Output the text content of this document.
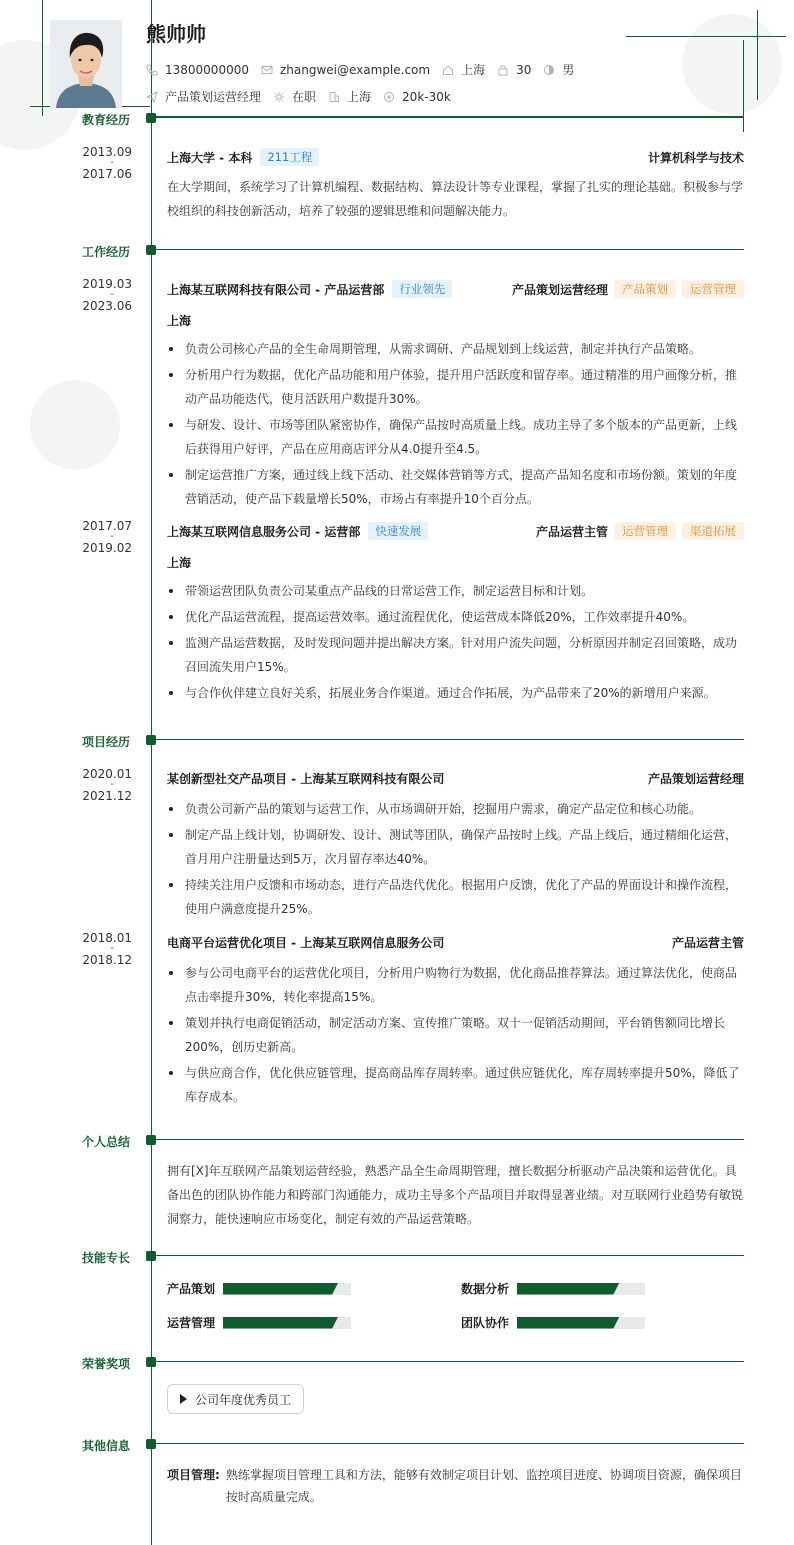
熊帅帅
13800000000	zhangwei@example.com	上海	30	男
产品策划运营经理	在职	上海	20k-30k
教育经历
2013.09
-
2017.06
上海大学 - 本科	211工程	计算机科学与技术
在大学期间，系统学习了计算机编程、数据结构、算法设计等专业课程，掌握了扎实的理论基础。积极参与学校组织的科技创新活动，培养了较强的逻辑思维和问题解决能力。
工作经历
2019.03
-
2023.06
上海某互联网科技有限公司 - 产品运营部	行业领先	产品策划运营经理	产品策划	运营管理
上海
负责公司核心产品的全生命周期管理，从需求调研、产品规划到上线运营，制定并执行产品策略。
分析用户行为数据，优化产品功能和用户体验，提升用户活跃度和留存率。通过精准的用户画像分析，推动产品功能迭代，使月活跃用户数提升30%。
与研发、设计、市场等团队紧密协作，确保产品按时高质量上线。成功主导了多个版本的产品更新，上线后获得用户好评，产品在应用商店评分从4.0提升至4.5。
制定运营推广方案，通过线上线下活动、社交媒体营销等方式，提高产品知名度和市场份额。策划的年度营销活动，使产品下载量增长50%，市场占有率提升10个百分点。
2017.07
-
2019.02
上海某互联网信息服务公司 - 运营部	快速发展	产品运营主管	运营管理	渠道拓展
上海
带领运营团队负责公司某重点产品线的日常运营工作，制定运营目标和计划。
优化产品运营流程，提高运营效率。通过流程优化，使运营成本降低20%，工作效率提升40%。
监测产品运营数据，及时发现问题并提出解决方案。针对用户流失问题，分析原因并制定召回策略，成功召回流失用户15%。
与合作伙伴建立良好关系，拓展业务合作渠道。通过合作拓展，为产品带来了20%的新增用户来源。
项目经历
2020.01
-
2021.12
某创新型社交产品项目 - 上海某互联网科技有限公司	产品策划运营经理
负责公司新产品的策划与运营工作，从市场调研开始，挖掘用户需求，确定产品定位和核心功能。
制定产品上线计划，协调研发、设计、测试等团队，确保产品按时上线。产品上线后，通过精细化运营，首月用户注册量达到5万，次月留存率达40%。
持续关注用户反馈和市场动态，进行产品迭代优化。根据用户反馈，优化了产品的界面设计和操作流程，使用户满意度提升25%。
2018.01
-
2018.12
电商平台运营优化项目 - 上海某互联网信息服务公司	产品运营主管
参与公司电商平台的运营优化项目，分析用户购物行为数据，优化商品推荐算法。通过算法优化，使商品点击率提升30%，转化率提高15%。
策划并执行电商促销活动，制定活动方案、宣传推广策略。双十一促销活动期间，平台销售额同比增长200%，创历史新高。
与供应商合作，优化供应链管理，提高商品库存周转率。通过供应链优化，库存周转率提升50%，降低了库存成本。
个人总结
拥有[X]年互联网产品策划运营经验，熟悉产品全生命周期管理，擅长数据分析驱动产品决策和运营优化。具备出色的团队协作能力和跨部门沟通能力，成功主导多个产品项目并取得显著业绩。对互联网行业趋势有敏锐洞察力，能快速响应市场变化，制定有效的产品运营策略。
技能专长
产品策划	数据分析
运营管理	团队协作
荣誉奖项
公司年度优秀员工
其他信息
项目管理: 熟练掌握项目管理工具和方法，能够有效制定项目计划、监控项目进度、协调项目资源，确保项目按时高质量完成。
